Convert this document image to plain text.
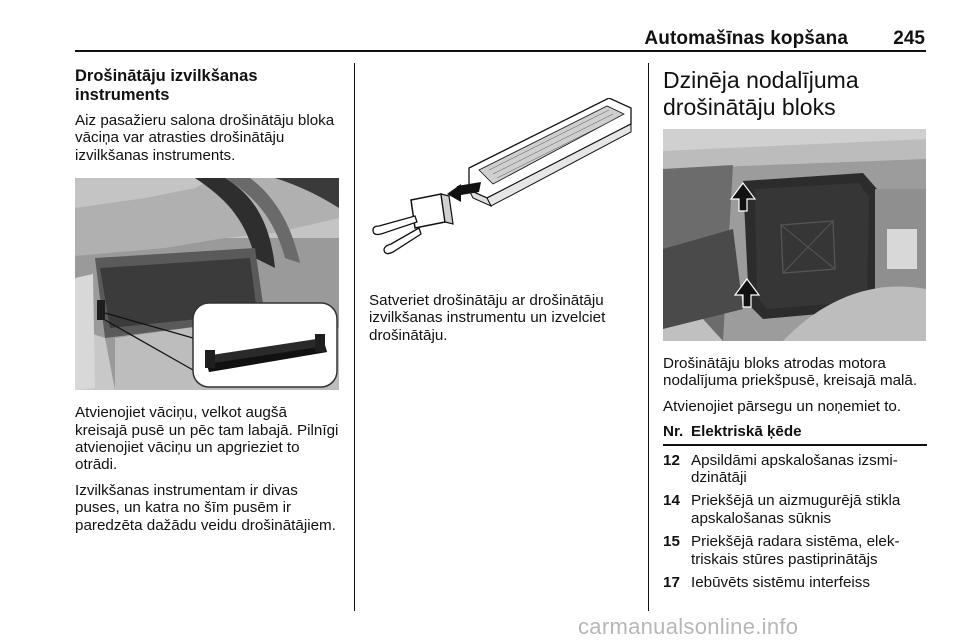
Automašīnas kopšana 245
Drošinātāju izvilkšanas instruments

Aiz pasažieru salona drošinātāju bloka vāciņa var atrasties drošinātāju izvilkšanas instruments.

Atvienojiet vāciņu, velkot augšā kreisajā pusē un pēc tam labajā. Pilnīgi atvienojiet vāciņu un apgrieziet to otrādi.

Izvilkšanas instrumentam ir divas puses, un katra no šīm pusēm ir paredzēta dažādu veidu drošinātājiem.

Satveriet drošinātāju ar drošinātāju izvilkšanas instrumentu un izvelciet drošinātāju.

Dzinēja nodalījuma drošinātāju bloks

Drošinātāju bloks atrodas motora nodalījuma priekšpusē, kreisajā malā.

Atvienojiet pārsegu un noņemiet to.

Nr. Elektriskā ķēde
12 Apsildāmi apskalošanas izsmidzinātāji
14 Priekšējā un aizmugurējā stikla apskalošanas sūknis
15 Priekšējā radara sistēma, elektriskais stūres pastiprinātājs
17 Iebūvēts sistēmu interfeiss
carmanualsonline.info
